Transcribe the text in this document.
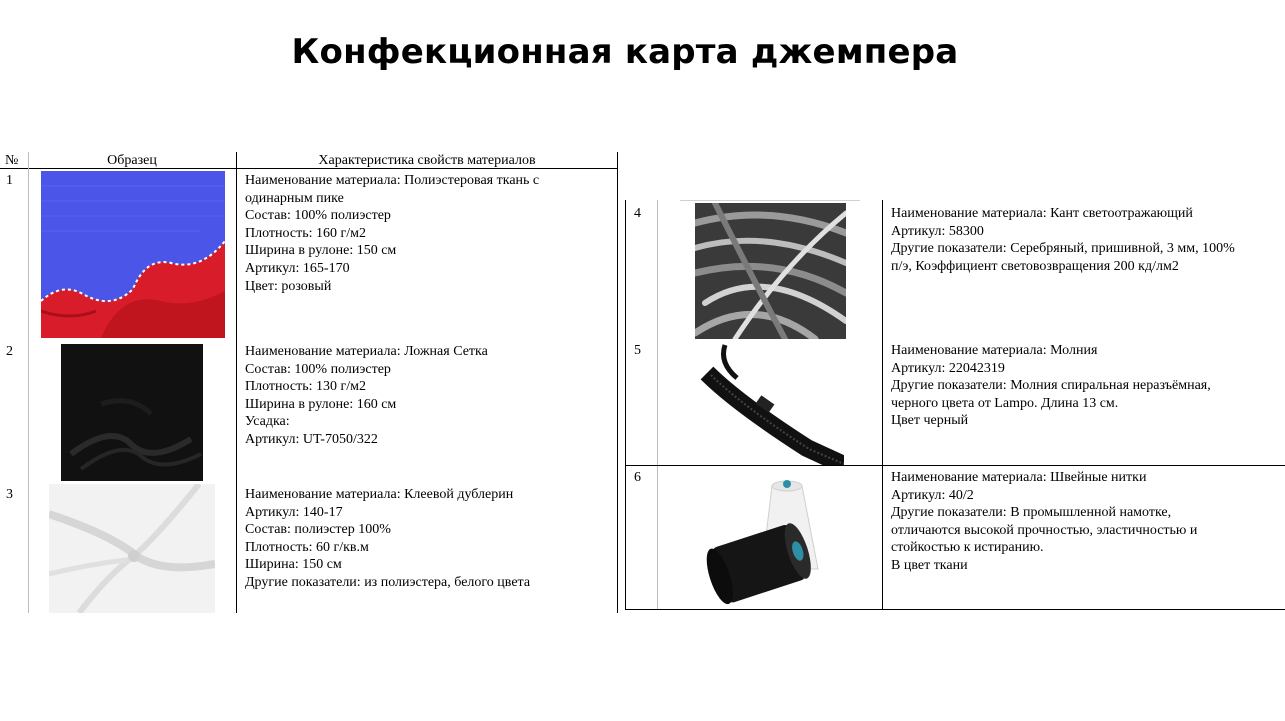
Конфекционная карта джемпера
№	Образец	Характеристика свойств материалов
1	Наименование материала: Полиэстеровая ткань с
одинарным пике
Состав: 100% полиэстер
Плотность: 160 г/м2
Ширина в рулоне: 150 см
Артикул: 165-170
Цвет: розовый
2	Наименование материала: Ложная Сетка
Состав: 100% полиэстер
Плотность: 130 г/м2
Ширина в рулоне: 160 см
Усадка:
Артикул: UT-7050/322
3	Наименование материала: Клеевой дублерин
Артикул: 140-17
Состав: полиэстер 100%
Плотность: 60 г/кв.м
Ширина: 150 см
Другие показатели: из полиэстера, белого цвета
4	Наименование материала: Кант светоотражающий
Артикул: 58300
Другие показатели: Серебряный, пришивной, 3 мм, 100%
п/э, Коэффициент световозвращения 200 кд/лм2
5	Наименование материала: Молния
Артикул: 22042319
Другие показатели: Молния спиральная неразъёмная,
черного цвета от Lampo. Длина 13 см.
Цвет черный
6	Наименование материала: Швейные нитки
Артикул: 40/2
Другие показатели: В промышленной намотке,
отличаются высокой прочностью, эластичностью и
стойкостью к истиранию.
В цвет ткани
